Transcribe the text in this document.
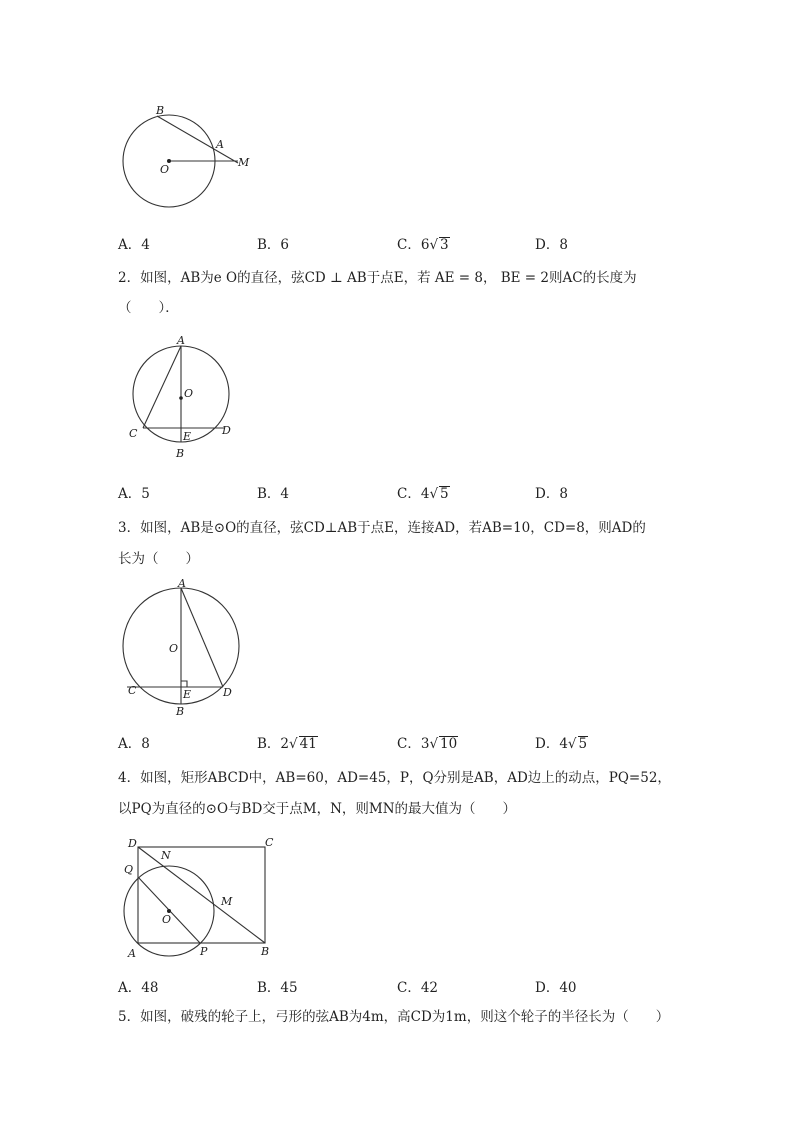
B
A
O
M
A．4	B．6	C．6√ 3	D．8
2．如图，AB为e O的直径，弦CD ⊥ AB于点E，若 AE = 8， BE = 2则AC的长度为
（　　）．
A
O
C	D
E
B
A．5	B．4	C．4√ 5	D．8
3．如图，AB是⊙O的直径，弦CD⊥AB于点E，连接AD，若AB=10，CD=8，则AD的
长为（　　）
A
O
C	D
E
B
A．8	B．2√ 41	C．3√ 10	D．4√ 5
4．如图，矩形ABCD中，AB=60，AD=45，P，Q分别是AB，AD边上的动点，PQ=52，
以PQ为直径的⊙O与BD交于点M，N，则MN的最大值为（　　）
D	C
N
Q
M
O
A	P	B
A．48	B．45	C．42	D．40
5．如图，破残的轮子上，弓形的弦AB为4m，高CD为1m，则这个轮子的半径长为（　　）
